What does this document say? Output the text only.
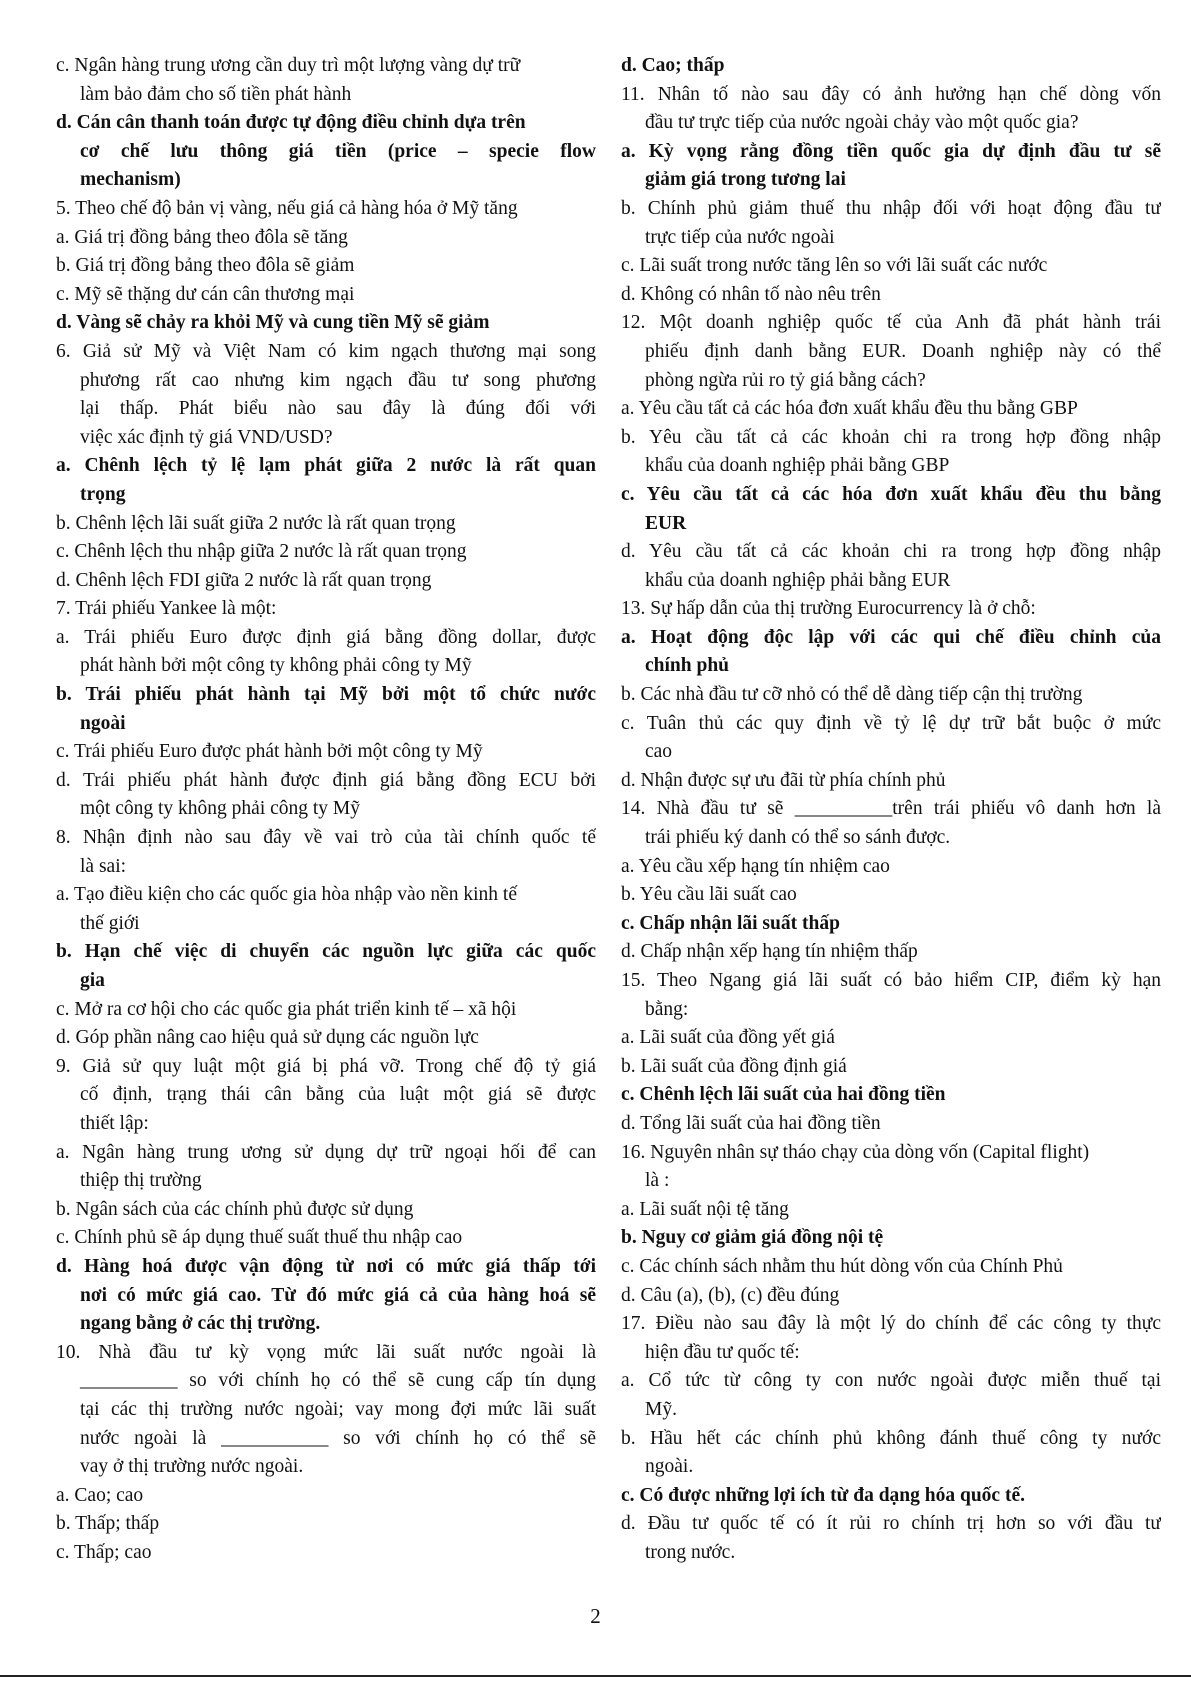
c. Ngân hàng trung ương cần duy trì một lượng vàng dự trữ
làm bảo đảm cho số tiền phát hành
d. Cán cân thanh toán được tự động điều chỉnh dựa trên
cơ chế lưu thông giá tiền (price – specie flow
mechanism)
5. Theo chế độ bản vị vàng, nếu giá cả hàng hóa ở Mỹ tăng
a. Giá trị đồng bảng theo đôla sẽ tăng
b. Giá trị đồng bảng theo đôla sẽ giảm
c. Mỹ sẽ thặng dư cán cân thương mại
d. Vàng sẽ chảy ra khỏi Mỹ và cung tiền Mỹ sẽ giảm
6. Giả sử Mỹ và Việt Nam có kim ngạch thương mại song
phương rất cao nhưng kim ngạch đầu tư song phương
lại thấp. Phát biểu nào sau đây là đúng đối với
việc xác định tỷ giá VND/USD?
a. Chênh lệch tỷ lệ lạm phát giữa 2 nước là rất quan
trọng
b. Chênh lệch lãi suất giữa 2 nước là rất quan trọng
c. Chênh lệch thu nhập giữa 2 nước là rất quan trọng
d. Chênh lệch FDI giữa 2 nước là rất quan trọng
7. Trái phiếu Yankee là một:
a. Trái phiếu Euro được định giá bằng đồng dollar, được
phát hành bởi một công ty không phải công ty Mỹ
b. Trái phiếu phát hành tại Mỹ bởi một tổ chức nước
ngoài
c. Trái phiếu Euro được phát hành bởi một công ty Mỹ
d. Trái phiếu phát hành được định giá bằng đồng ECU bởi
một công ty không phải công ty Mỹ
8. Nhận định nào sau đây về vai trò của tài chính quốc tế
là sai:
a. Tạo điều kiện cho các quốc gia hòa nhập vào nền kinh tế
thế giới
b. Hạn chế việc di chuyển các nguồn lực giữa các quốc
gia
c. Mở ra cơ hội cho các quốc gia phát triển kinh tế – xã hội
d. Góp phần nâng cao hiệu quả sử dụng các nguồn lực
9. Giả sử quy luật một giá bị phá vỡ. Trong chế độ tỷ giá
cố định, trạng thái cân bằng của luật một giá sẽ được
thiết lập:
a. Ngân hàng trung ương sử dụng dự trữ ngoại hối để can
thiệp thị trường
b. Ngân sách của các chính phủ được sử dụng
c. Chính phủ sẽ áp dụng thuế suất thuế thu nhập cao
d. Hàng hoá được vận động từ nơi có mức giá thấp tới
nơi có mức giá cao. Từ đó mức giá cả của hàng hoá sẽ
ngang bằng ở các thị trường.
10. Nhà đầu tư kỳ vọng mức lãi suất nước ngoài là
__________ so với chính họ có thể sẽ cung cấp tín dụng
tại các thị trường nước ngoài; vay mong đợi mức lãi suất
nước ngoài là ___________ so với chính họ có thể sẽ
vay ở thị trường nước ngoài.
a. Cao; cao
b. Thấp; thấp
c. Thấp; cao
d. Cao; thấp
11. Nhân tố nào sau đây có ảnh hưởng hạn chế dòng vốn
đầu tư trực tiếp của nước ngoài chảy vào một quốc gia?
a. Kỳ vọng rằng đồng tiền quốc gia dự định đầu tư sẽ
giảm giá trong tương lai
b. Chính phủ giảm thuế thu nhập đối với hoạt động đầu tư
trực tiếp của nước ngoài
c. Lãi suất trong nước tăng lên so với lãi suất các nước
d. Không có nhân tố nào nêu trên
12. Một doanh nghiệp quốc tế của Anh đã phát hành trái
phiếu định danh bằng EUR. Doanh nghiệp này có thể
phòng ngừa rủi ro tỷ giá bằng cách?
a. Yêu cầu tất cả các hóa đơn xuất khẩu đều thu bằng GBP
b. Yêu cầu tất cả các khoản chi ra trong hợp đồng nhập
khẩu của doanh nghiệp phải bằng GBP
c. Yêu cầu tất cả các hóa đơn xuất khẩu đều thu bằng
EUR
d. Yêu cầu tất cả các khoản chi ra trong hợp đồng nhập
khẩu của doanh nghiệp phải bằng EUR
13. Sự hấp dẫn của thị trường Eurocurrency là ở chỗ:
a. Hoạt động độc lập với các qui chế điều chỉnh của
chính phủ
b. Các nhà đầu tư cỡ nhỏ có thể dễ dàng tiếp cận thị trường
c. Tuân thủ các quy định về tỷ lệ dự trữ bắt buộc ở mức
cao
d. Nhận được sự ưu đãi từ phía chính phủ
14. Nhà đầu tư sẽ __________trên trái phiếu vô danh hơn là
trái phiếu ký danh có thể so sánh được.
a. Yêu cầu xếp hạng tín nhiệm cao
b. Yêu cầu lãi suất cao
c. Chấp nhận lãi suất thấp
d. Chấp nhận xếp hạng tín nhiệm thấp
15. Theo Ngang giá lãi suất có bảo hiểm CIP, điểm kỳ hạn
bằng:
a. Lãi suất của đồng yết giá
b. Lãi suất của đồng định giá
c. Chênh lệch lãi suất của hai đồng tiền
d. Tổng lãi suất của hai đồng tiền
16. Nguyên nhân sự tháo chạy của dòng vốn (Capital flight)
là :
a. Lãi suất nội tệ tăng
b. Nguy cơ giảm giá đồng nội tệ
c. Các chính sách nhằm thu hút dòng vốn của Chính Phủ
d. Câu (a), (b), (c) đều đúng
17. Điều nào sau đây là một lý do chính để các công ty thực
hiện đầu tư quốc tế:
a. Cổ tức từ công ty con nước ngoài được miễn thuế tại
Mỹ.
b. Hầu hết các chính phủ không đánh thuế công ty nước
ngoài.
c. Có được những lợi ích từ đa dạng hóa quốc tế.
d. Đầu tư quốc tế có ít rủi ro chính trị hơn so với đầu tư
trong nước.
2
